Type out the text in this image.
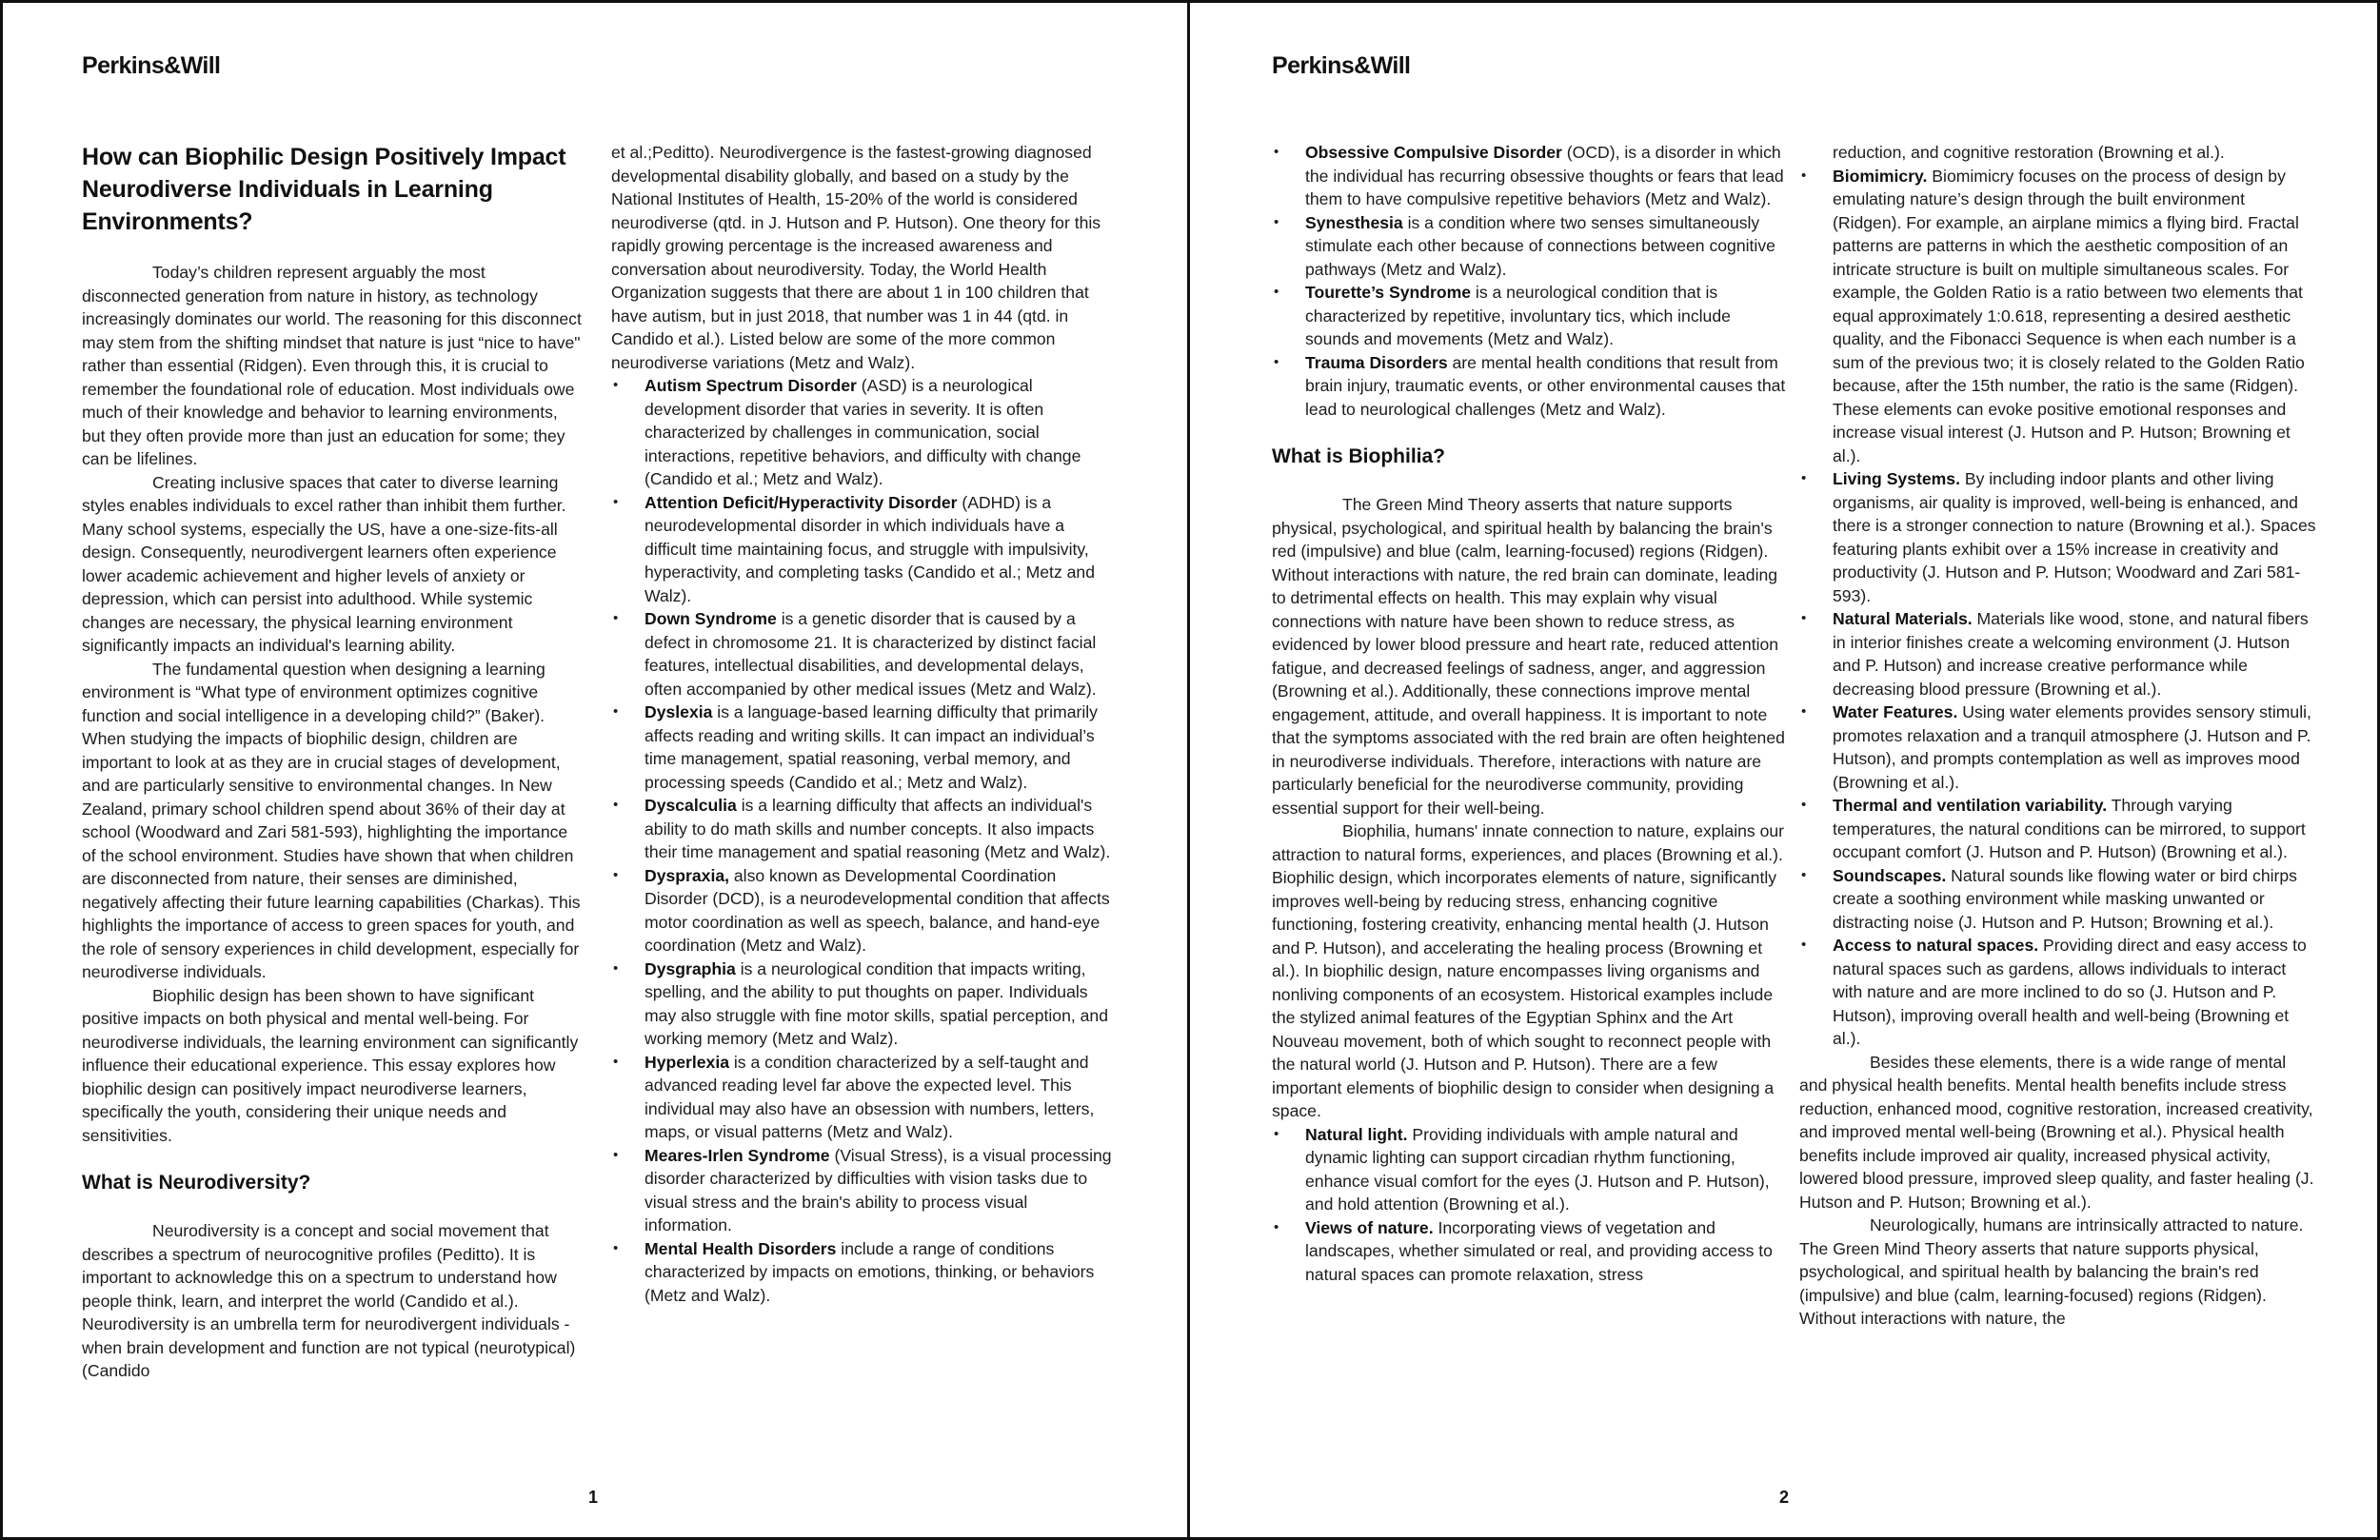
Perkins&Will
How can Biophilic Design Positively Impact Neurodiverse Individuals in Learning Environments?

Today’s children represent arguably the most disconnected generation from nature in history, as technology increasingly dominates our world. The reasoning for this disconnect may stem from the shifting mindset that nature is just “nice to have" rather than essential (Ridgen). Even through this, it is crucial to remember the foundational role of education. Most individuals owe much of their knowledge and behavior to learning environments, but they often provide more than just an education for some; they can be lifelines.

Creating inclusive spaces that cater to diverse learning styles enables individuals to excel rather than inhibit them further. Many school systems, especially the US, have a one-size-fits-all design. Consequently, neurodivergent learners often experience lower academic achievement and higher levels of anxiety or depression, which can persist into adulthood. While systemic changes are necessary, the physical learning environment significantly impacts an individual's learning ability.

The fundamental question when designing a learning environment is “What type of environment optimizes cognitive function and social intelligence in a developing child?” (Baker). When studying the impacts of biophilic design, children are important to look at as they are in crucial stages of development, and are particularly sensitive to environmental changes. In New Zealand, primary school children spend about 36% of their day at school (Woodward and Zari 581-593), highlighting the importance of the school environment. Studies have shown that when children are disconnected from nature, their senses are diminished, negatively affecting their future learning capabilities (Charkas). This highlights the importance of access to green spaces for youth, and the role of sensory experiences in child development, especially for neurodiverse individuals.

Biophilic design has been shown to have significant positive impacts on both physical and mental well-being. For neurodiverse individuals, the learning environment can significantly influence their educational experience. This essay explores how biophilic design can positively impact neurodiverse learners, specifically the youth, considering their unique needs and sensitivities.

What is Neurodiversity?

Neurodiversity is a concept and social movement that describes a spectrum of neurocognitive profiles (Peditto). It is important to acknowledge this on a spectrum to understand how people think, learn, and interpret the world (Candido et al.). Neurodiversity is an umbrella term for neurodivergent individuals - when brain development and function are not typical (neurotypical) (Candido

et al.;Peditto). Neurodivergence is the fastest-growing diagnosed developmental disability globally, and based on a study by the National Institutes of Health, 15-20% of the world is considered neurodiverse (qtd. in J. Hutson and P. Hutson). One theory for this rapidly growing percentage is the increased awareness and conversation about neurodiversity. Today, the World Health Organization suggests that there are about 1 in 100 children that have autism, but in just 2018, that number was 1 in 44 (qtd. in Candido et al.). Listed below are some of the more common neurodiverse variations (Metz and Walz).

• Autism Spectrum Disorder (ASD) is a neurological development disorder that varies in severity. It is often characterized by challenges in communication, social interactions, repetitive behaviors, and difficulty with change (Candido et al.; Metz and Walz).
• Attention Deficit/Hyperactivity Disorder (ADHD) is a neurodevelopmental disorder in which individuals have a difficult time maintaining focus, and struggle with impulsivity, hyperactivity, and completing tasks (Candido et al.; Metz and Walz).
• Down Syndrome is a genetic disorder that is caused by a defect in chromosome 21. It is characterized by distinct facial features, intellectual disabilities, and developmental delays, often accompanied by other medical issues (Metz and Walz).
• Dyslexia is a language-based learning difficulty that primarily affects reading and writing skills. It can impact an individual’s time management, spatial reasoning, verbal memory, and processing speeds (Candido et al.; Metz and Walz).
• Dyscalculia is a learning difficulty that affects an individual's ability to do math skills and number concepts. It also impacts their time management and spatial reasoning (Metz and Walz).
• Dyspraxia, also known as Developmental Coordination Disorder (DCD), is a neurodevelopmental condition that affects motor coordination as well as speech, balance, and hand-eye coordination (Metz and Walz).
• Dysgraphia is a neurological condition that impacts writing, spelling, and the ability to put thoughts on paper. Individuals may also struggle with fine motor skills, spatial perception, and working memory (Metz and Walz).
• Hyperlexia is a condition characterized by a self-taught and advanced reading level far above the expected level. This individual may also have an obsession with numbers, letters, maps, or visual patterns (Metz and Walz).
• Meares-Irlen Syndrome (Visual Stress), is a visual processing disorder characterized by difficulties with vision tasks due to visual stress and the brain's ability to process visual information.
• Mental Health Disorders include a range of conditions characterized by impacts on emotions, thinking, or behaviors (Metz and Walz).
1
Perkins&Will
• Obsessive Compulsive Disorder (OCD), is a disorder in which the individual has recurring obsessive thoughts or fears that lead them to have compulsive repetitive behaviors (Metz and Walz).
• Synesthesia is a condition where two senses simultaneously stimulate each other because of connections between cognitive pathways (Metz and Walz).
• Tourette’s Syndrome is a neurological condition that is characterized by repetitive, involuntary tics, which include sounds and movements (Metz and Walz).
• Trauma Disorders are mental health conditions that result from brain injury, traumatic events, or other environmental causes that lead to neurological challenges (Metz and Walz).
What is Biophilia?

The Green Mind Theory asserts that nature supports physical, psychological, and spiritual health by balancing the brain's red (impulsive) and blue (calm, learning-focused) regions (Ridgen). Without interactions with nature, the red brain can dominate, leading to detrimental effects on health. This may explain why visual connections with nature have been shown to reduce stress, as evidenced by lower blood pressure and heart rate, reduced attention fatigue, and decreased feelings of sadness, anger, and aggression (Browning et al.). Additionally, these connections improve mental engagement, attitude, and overall happiness. It is important to note that the symptoms associated with the red brain are often heightened in neurodiverse individuals. Therefore, interactions with nature are particularly beneficial for the neurodiverse community, providing essential support for their well-being.

Biophilia, humans' innate connection to nature, explains our attraction to natural forms, experiences, and places (Browning et al.). Biophilic design, which incorporates elements of nature, significantly improves well-being by reducing stress, enhancing cognitive functioning, fostering creativity, enhancing mental health (J. Hutson and P. Hutson), and accelerating the healing process (Browning et al.). In biophilic design, nature encompasses living organisms and nonliving components of an ecosystem. Historical examples include the stylized animal features of the Egyptian Sphinx and the Art Nouveau movement, both of which sought to reconnect people with the natural world (J. Hutson and P. Hutson). There are a few important elements of biophilic design to consider when designing a space.

• Natural light. Providing individuals with ample natural and dynamic lighting can support circadian rhythm functioning, enhance visual comfort for the eyes (J. Hutson and P. Hutson), and hold attention (Browning et al.).
• Views of nature. Incorporating views of vegetation and landscapes, whether simulated or real, and providing access to natural spaces can promote relaxation, stress

reduction, and cognitive restoration (Browning et al.).

• Biomimicry. Biomimicry focuses on the process of design by emulating nature’s design through the built environment (Ridgen). For example, an airplane mimics a flying bird. Fractal patterns are patterns in which the aesthetic composition of an intricate structure is built on multiple simultaneous scales. For example, the Golden Ratio is a ratio between two elements that equal approximately 1:0.618, representing a desired aesthetic quality, and the Fibonacci Sequence is when each number is a sum of the previous two; it is closely related to the Golden Ratio because, after the 15th number, the ratio is the same (Ridgen). These elements can evoke positive emotional responses and increase visual interest (J. Hutson and P. Hutson; Browning et al.).
• Living Systems. By including indoor plants and other living organisms, air quality is improved, well-being is enhanced, and there is a stronger connection to nature (Browning et al.). Spaces featuring plants exhibit over a 15% increase in creativity and productivity (J. Hutson and P. Hutson; Woodward and Zari 581-593).
• Natural Materials. Materials like wood, stone, and natural fibers in interior finishes create a welcoming environment (J. Hutson and P. Hutson) and increase creative performance while decreasing blood pressure (Browning et al.).
• Water Features. Using water elements provides sensory stimuli, promotes relaxation and a tranquil atmosphere (J. Hutson and P. Hutson), and prompts contemplation as well as improves mood (Browning et al.).
• Thermal and ventilation variability. Through varying temperatures, the natural conditions can be mirrored, to support occupant comfort (J. Hutson and P. Hutson) (Browning et al.).
• Soundscapes. Natural sounds like flowing water or bird chirps create a soothing environment while masking unwanted or distracting noise (J. Hutson and P. Hutson; Browning et al.).
• Access to natural spaces. Providing direct and easy access to natural spaces such as gardens, allows individuals to interact with nature and are more inclined to do so (J. Hutson and P. Hutson), improving overall health and well-being (Browning et al.).

Besides these elements, there is a wide range of mental and physical health benefits. Mental health benefits include stress reduction, enhanced mood, cognitive restoration, increased creativity, and improved mental well-being (Browning et al.). Physical health benefits include improved air quality, increased physical activity, lowered blood pressure, improved sleep quality, and faster healing (J. Hutson and P. Hutson; Browning et al.).

Neurologically, humans are intrinsically attracted to nature. The Green Mind Theory asserts that nature supports physical, psychological, and spiritual health by balancing the brain's red (impulsive) and blue (calm, learning-focused) regions (Ridgen). Without interactions with nature, the

2
